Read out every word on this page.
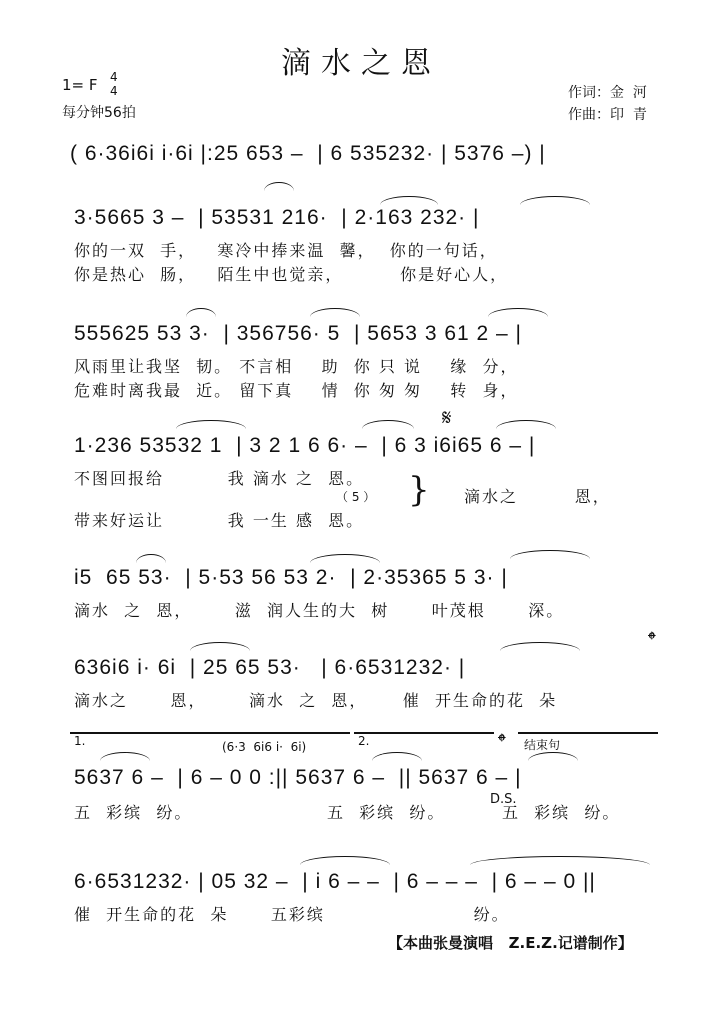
滴水之恩
1= F 4
4
每分钟56拍
作词：金  河
作曲：印  青
( 6·36i6i i·6i |:25 653 –  | 6 535232· | 5376 –) |
3·5665 3 –  | 53531 216·  | 2·163 232· |
你的一双  手，   寒冷中捧来温  馨，  你的一句话，
你是热心  肠，   陌生中也觉亲，        你是好心人，
555625 53 3·  | 356756· 5  | 5653 3 61 2 – |
风雨里让我坚  韧。 不言相    助  你 只 说    缘  分，
危难时离我最  近。 留下真    情  你 匆 匆    转  身，
𝄋
1·236 53532 1  | 3 2 1 6 6· –  | 6 3 i6i65 6 – |
不图回报给         我 滴水 之  恩。
（ 5 ）
带来好运让         我 一生 感  恩。
} 滴水之        恩，
i5  65 53·  | 5·53 56 53 2·  | 2·35365 5 3· |
滴水  之  恩，      滋  润人生的大  树      叶茂根      深。
𝄌
636i6 i· 6i  | 25 65 53·   | 6·6531232· |
滴水之      恩，      滴水  之  恩，     催  开生命的花  朵
1.	(6·3  6i6 i·  6i)	2.	𝄌 结束句
5637 6 –  | 6 – 0 0 :|| 5637 6 –  || 5637 6 – |
D.S.
五  彩缤  纷。                   五  彩缤  纷。        五  彩缤  纷。
6·6531232· | 05 32 –  | i 6 – –  | 6 – – –  | 6 – – 0 ||
催  开生命的花  朵      五彩缤                     纷。
【本曲张曼演唱   Z.E.Z.记谱制作】
